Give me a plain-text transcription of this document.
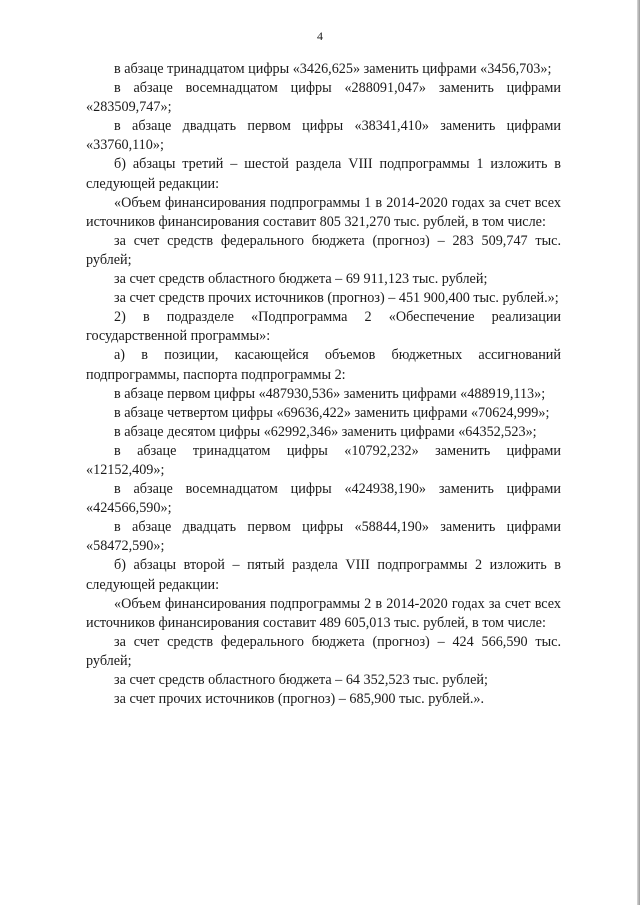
4

в абзаце тринадцатом цифры «3426,625» заменить цифрами «3456,703»;

в абзаце восемнадцатом цифры «288091,047» заменить цифрами «283509,747»;

в абзаце двадцать первом цифры «38341,410» заменить цифрами «33760,110»;

б) абзацы третий – шестой раздела VIII подпрограммы 1 изложить в следующей редакции:

«Объем финансирования подпрограммы 1 в 2014-2020 годах за счет всех источников финансирования составит 805 321,270 тыс. рублей, в том числе:

за счет средств федерального бюджета (прогноз) – 283 509,747 тыс. рублей;

за счет средств областного бюджета – 69 911,123 тыс. рублей;

за счет средств прочих источников (прогноз) – 451 900,400 тыс. рублей.»;

2) в подразделе «Подпрограмма 2 «Обеспечение реализации государственной программы»:

а) в позиции, касающейся объемов бюджетных ассигнований подпрограммы, паспорта подпрограммы 2:

в абзаце первом цифры «487930,536» заменить цифрами «488919,113»;

в абзаце четвертом цифры «69636,422» заменить цифрами «70624,999»;

в абзаце десятом цифры «62992,346» заменить цифрами «64352,523»;

в абзаце тринадцатом цифры «10792,232» заменить цифрами «12152,409»;

в абзаце восемнадцатом цифры «424938,190» заменить цифрами «424566,590»;

в абзаце двадцать первом цифры «58844,190» заменить цифрами «58472,590»;

б) абзацы второй – пятый раздела VIII подпрограммы 2 изложить в следующей редакции:

«Объем финансирования подпрограммы 2 в 2014-2020 годах за счет всех источников финансирования составит 489 605,013 тыс. рублей, в том числе:

за счет средств федерального бюджета (прогноз) – 424 566,590 тыс. рублей;

за счет средств областного бюджета – 64 352,523 тыс. рублей;

за счет прочих источников (прогноз) – 685,900 тыс. рублей.».
